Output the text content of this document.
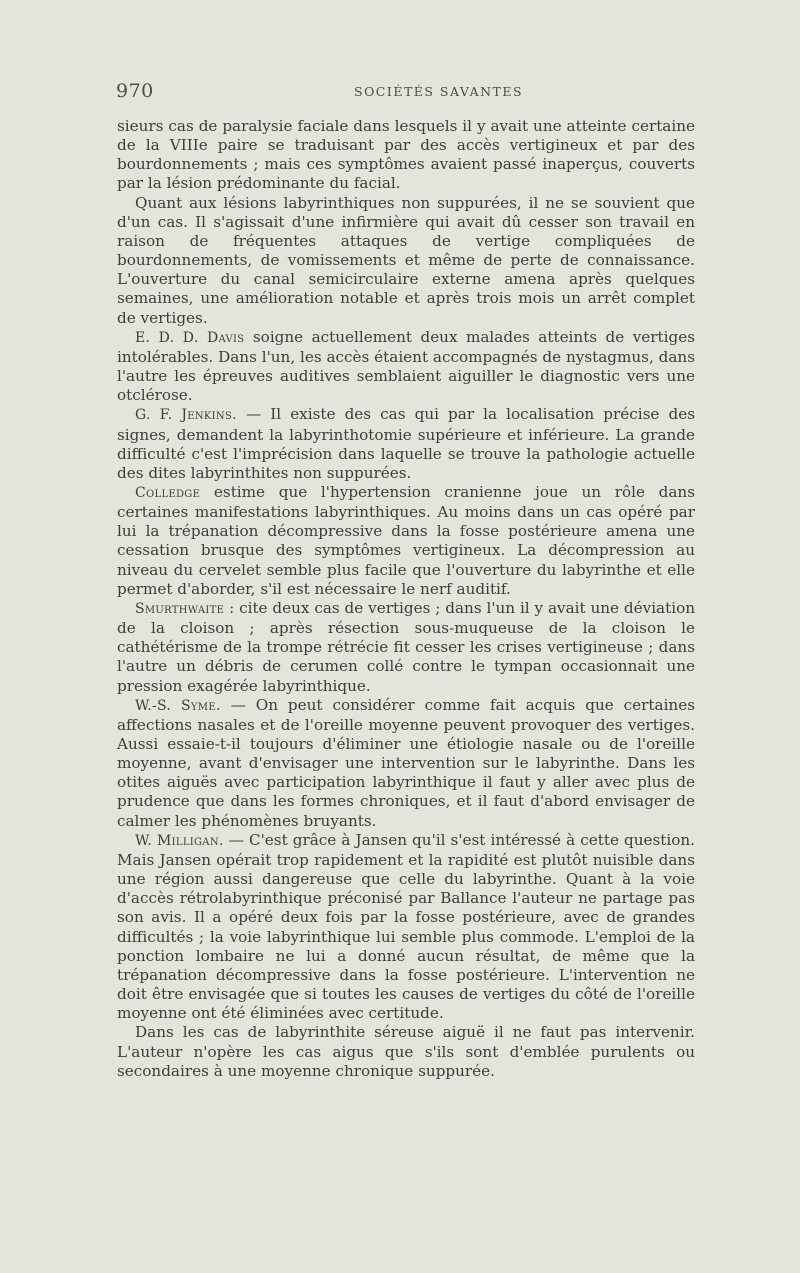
970	SOCIÉTÉS SAVANTES

sieurs cas de paralysie faciale dans lesquels il y avait une atteinte certaine de la VIIIe paire se traduisant par des accès vertigineux et par des bourdonnements ; mais ces symptômes avaient passé inaperçus, couverts par la lésion prédominante du facial.

Quant aux lésions labyrinthiques non suppurées, il ne se souvient que d'un cas. Il s'agissait d'une infirmière qui avait dû cesser son travail en raison de fréquentes attaques de vertige compliquées de bourdonnements, de vomissements et même de perte de connaissance. L'ouverture du canal semicirculaire externe amena après quelques semaines, une amélioration notable et après trois mois un arrêt complet de vertiges.

E. D. D. Davis soigne actuellement deux malades atteints de vertiges intolérables. Dans l'un, les accès étaient accompagnés de nystagmus, dans l'autre les épreuves auditives semblaient aiguiller le diagnostic vers une otclérose.

G. F. Jenkins. — Il existe des cas qui par la localisation précise des signes, demandent la labyrinthotomie supérieure et inférieure. La grande difficulté c'est l'imprécision dans laquelle se trouve la pathologie actuelle des dites labyrinthites non suppurées.

Colledge estime que l'hypertension cranienne joue un rôle dans certaines manifestations labyrinthiques. Au moins dans un cas opéré par lui la trépanation décompressive dans la fosse postérieure amena une cessation brusque des symptômes vertigineux. La décompression au niveau du cervelet semble plus facile que l'ouverture du labyrinthe et elle permet d'aborder, s'il est nécessaire le nerf auditif.

Smurthwaite : cite deux cas de vertiges ; dans l'un il y avait une déviation de la cloison ; après résection sous-muqueuse de la cloison le cathétérisme de la trompe rétrécie fit cesser les crises vertigineuse ; dans l'autre un débris de cerumen collé contre le tympan occasionnait une pression exagérée labyrinthique.

W.-S. Syme. — On peut considérer comme fait acquis que certaines affections nasales et de l'oreille moyenne peuvent provoquer des vertiges. Aussi essaie-t-il toujours d'éliminer une étiologie nasale ou de l'oreille moyenne, avant d'envisager une intervention sur le labyrinthe. Dans les otites aiguës avec participation labyrinthique il faut y aller avec plus de prudence que dans les formes chroniques, et il faut d'abord envisager de calmer les phénomènes bruyants.

W. Milligan. — C'est grâce à Jansen qu'il s'est intéressé à cette question. Mais Jansen opérait trop rapidement et la rapidité est plutôt nuisible dans une région aussi dangereuse que celle du labyrinthe. Quant à la voie d'accès rétrolabyrinthique préconisé par Ballance l'auteur ne partage pas son avis. Il a opéré deux fois par la fosse postérieure, avec de grandes difficultés ; la voie labyrinthique lui semble plus commode. L'emploi de la ponction lombaire ne lui a donné aucun résultat, de même que la trépanation décompressive dans la fosse postérieure. L'intervention ne doit être envisagée que si toutes les causes de vertiges du côté de l'oreille moyenne ont été éliminées avec certitude.

Dans les cas de labyrinthite séreuse aiguë il ne faut pas intervenir. L'auteur n'opère les cas aigus que s'ils sont d'emblée purulents ou secondaires à une moyenne chronique suppurée.
